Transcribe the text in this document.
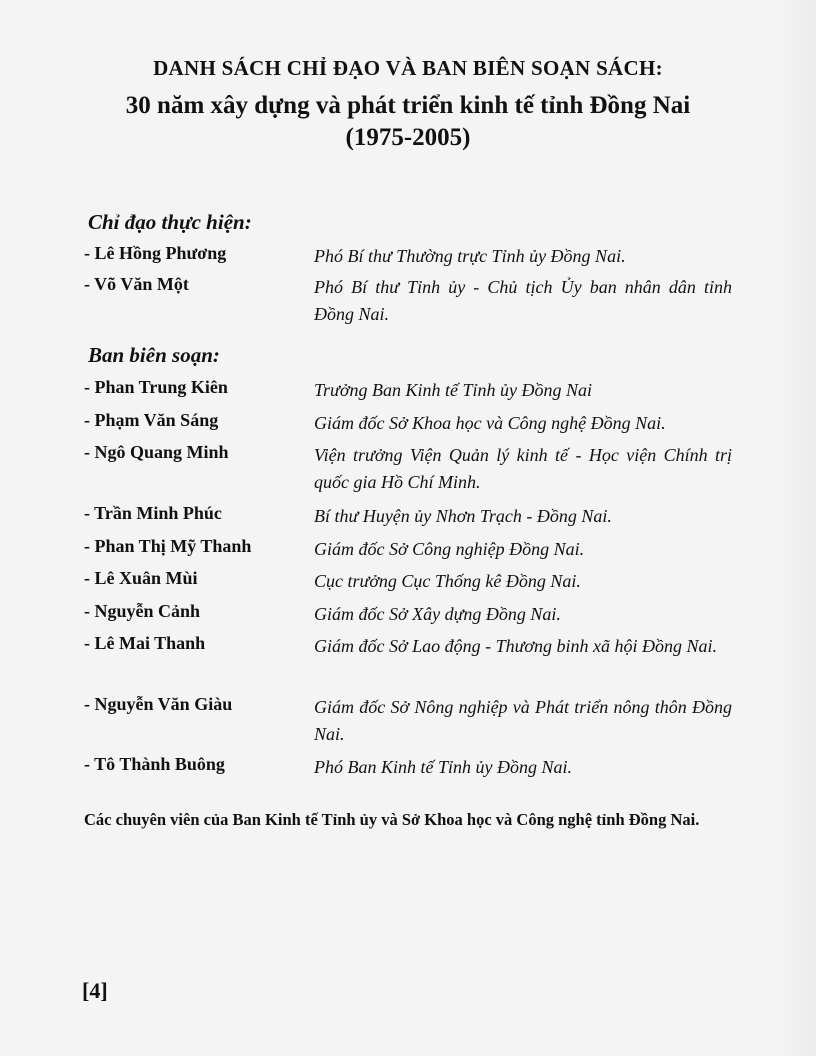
DANH SÁCH CHỈ ĐẠO VÀ BAN BIÊN SOẠN SÁCH:
30 năm xây dựng và phát triển kinh tế tỉnh Đồng Nai
(1975-2005)
Chỉ đạo thực hiện:
- Lê Hồng Phương	Phó Bí thư Thường trực Tỉnh ủy Đồng Nai.
- Võ Văn Một	Phó Bí thư Tỉnh ủy - Chủ tịch Ủy ban nhân dân tỉnh Đồng Nai.
Ban biên soạn:
- Phan Trung Kiên	Trưởng Ban Kinh tế Tỉnh ủy Đồng Nai
- Phạm Văn Sáng	Giám đốc Sở Khoa học và Công nghệ Đồng Nai.
- Ngô Quang Minh	Viện trưởng Viện Quản lý kinh tế - Học viện Chính trị quốc gia Hồ Chí Minh.
- Trần Minh Phúc	Bí thư Huyện ủy Nhơn Trạch - Đồng Nai.
- Phan Thị Mỹ Thanh	Giám đốc Sở Công nghiệp Đồng Nai.
- Lê Xuân Mùi	Cục trưởng Cục Thống kê Đồng Nai.
- Nguyễn Cảnh	Giám đốc Sở Xây dựng Đồng Nai.
- Lê Mai Thanh	Giám đốc Sở Lao động - Thương binh xã hội Đồng Nai.
- Nguyễn Văn Giàu	Giám đốc Sở Nông nghiệp và Phát triển nông thôn Đồng Nai.
- Tô Thành Buông	Phó Ban Kinh tế Tỉnh ủy Đồng Nai.
Các chuyên viên của Ban Kinh tế Tỉnh ủy và Sở Khoa học và Công nghệ tỉnh Đồng Nai.
[4]
